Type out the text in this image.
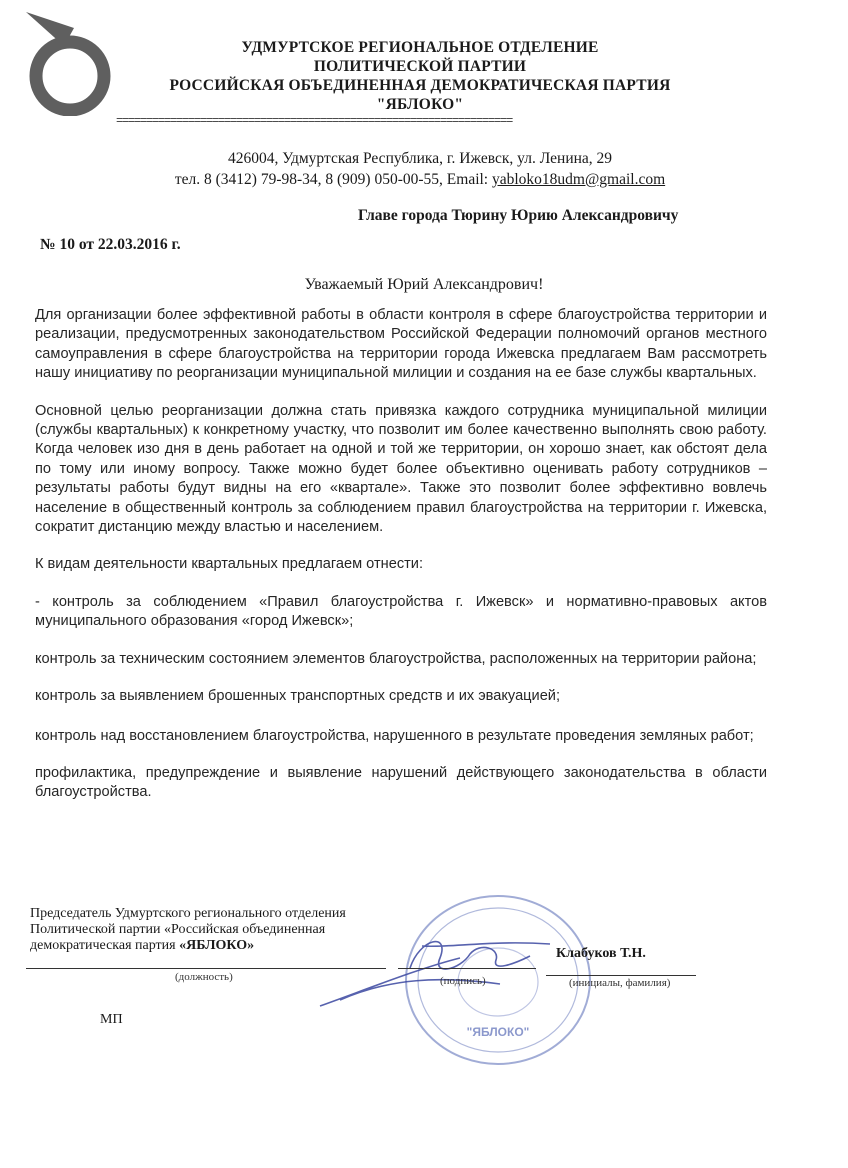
УДМУРТСКОЕ РЕГИОНАЛЬНОЕ ОТДЕЛЕНИЕ
ПОЛИТИЧЕСКОЙ ПАРТИИ
РОССИЙСКАЯ ОБЪЕДИНЕННАЯ ДЕМОКРАТИЧЕСКАЯ ПАРТИЯ
"ЯБЛОКО"
==================================================================
426004, Удмуртская Республика, г. Ижевск, ул. Ленина, 29
тел. 8 (3412) 79-98-34, 8 (909) 050-00-55, Email: yabloko18udm@gmail.com
Главе города Тюрину Юрию Александровичу
№ 10 от 22.03.2016 г.
Уважаемый Юрий Александрович!

Для организации более эффективной работы в области контроля в сфере благоустройства территории и реализации, предусмотренных законодательством Российской Федерации полномочий органов местного самоуправления в сфере благоустройства на территории города Ижевска предлагаем Вам рассмотреть нашу инициативу по реорганизации муниципальной милиции и создания на ее базе службы квартальных.

Основной целью реорганизации должна стать привязка каждого сотрудника муниципальной милиции (службы квартальных) к конкретному участку, что позволит им более качественно выполнять свою работу. Когда человек изо дня в день работает на одной и той же территории, он хорошо знает, как обстоят дела по тому или иному вопросу. Также можно будет более объективно оценивать работу сотрудников – результаты работы будут видны на его «квартале». Также это позволит более эффективно вовлечь население в общественный контроль за соблюдением правил благоустройства на территории г. Ижевска, сократит дистанцию между властью и населением.

К видам деятельности квартальных предлагаем отнести:

- контроль за соблюдением «Правил благоустройства г. Ижевск» и нормативно-правовых актов муниципального образования «город Ижевск»;

контроль за техническим состоянием элементов благоустройства, расположенных на территории района;

контроль за выявлением брошенных транспортных средств и их эвакуацией;

контроль над восстановлением благоустройства, нарушенного в результате проведения земляных работ;

профилактика, предупреждение и выявление нарушений действующего законодательства в области благоустройства.

"ЯБЛОКО"
Председатель Удмуртского регионального отделения
Политической партии «Российская объединенная
демократическая партия «ЯБЛОКО»
(должность)	(подпись)	(инициалы, фамилия)
Клабуков Т.Н.
МП
